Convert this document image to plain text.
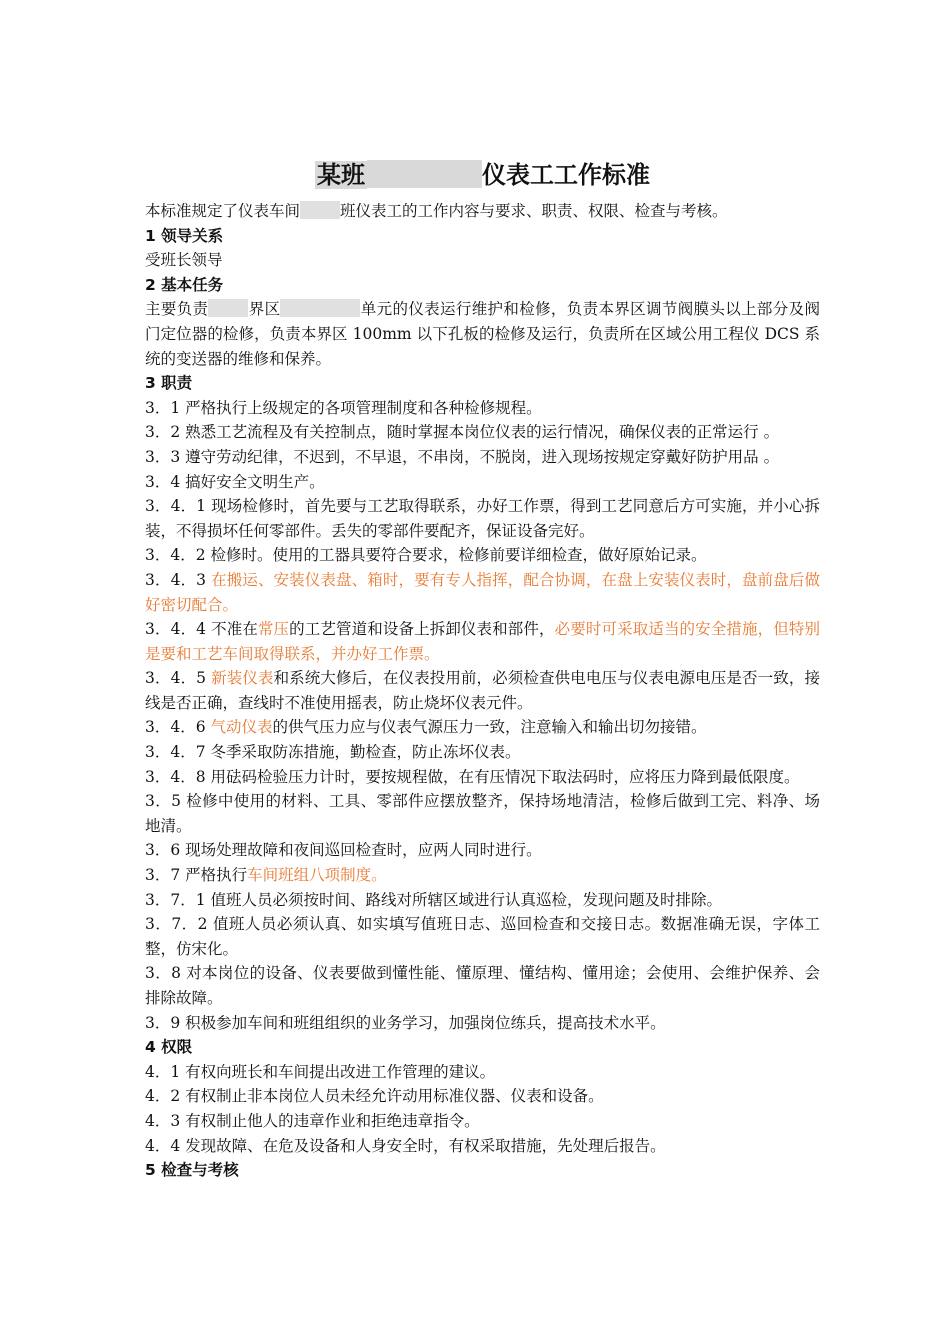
某班	仪表工工作标准

本标准规定了仪表车间	班仪表工的工作内容与要求、职责、权限、检查与考核。

1 领导关系

受班长领导

2 基本任务

主要负责	界区	单元的仪表运行维护和检修，负责本界区调节阀膜头以上部分及阀门定位器的检修，负责本界区 100mm 以下孔板的检修及运行，负责所在区域公用工程仪 DCS 系统的变送器的维修和保养。

3 职责

3．1 严格执行上级规定的各项管理制度和各种检修规程。

3．2 熟悉工艺流程及有关控制点，随时掌握本岗位仪表的运行情况，确保仪表的正常运行 。

3．3 遵守劳动纪律，不迟到，不早退，不串岗，不脱岗，进入现场按规定穿戴好防护用品 。

3．4 搞好安全文明生产。

3．4．1 现场检修时，首先要与工艺取得联系，办好工作票，得到工艺同意后方可实施，并小心拆装，不得损坏任何零部件。丢失的零部件要配齐，保证设备完好。

3．4．2 检修时。使用的工器具要符合要求，检修前要详细检查，做好原始记录。

3．4．3 在搬运、安装仪表盘、箱时，要有专人指挥，配合协调，在盘上安装仪表时，盘前盘后做好密切配合。

3．4．4 不准在常压的工艺管道和设备上拆卸仪表和部件，必要时可采取适当的安全措施，但特别是要和工艺车间取得联系，并办好工作票。

3．4．5 新装仪表和系统大修后，在仪表投用前，必须检查供电电压与仪表电源电压是否一致，接线是否正确，查线时不准使用摇表，防止烧坏仪表元件。

3．4．6 气动仪表的供气压力应与仪表气源压力一致，注意输入和输出切勿接错。

3．4．7 冬季采取防冻措施，勤检查，防止冻坏仪表。

3．4．8 用砝码检验压力计时，要按规程做，在有压情况下取法码时，应将压力降到最低限度。

3．5 检修中使用的材料、工具、零部件应摆放整齐，保持场地清洁，检修后做到工完、料净、场地清。

3．6 现场处理故障和夜间巡回检查时，应两人同时进行。

3．7 严格执行车间班组八项制度。

3．7．1 值班人员必须按时间、路线对所辖区域进行认真巡检，发现问题及时排除。

3．7．2 值班人员必须认真、如实填写值班日志、巡回检查和交接日志。数据准确无误，字体工整，仿宋化。

3．8 对本岗位的设备、仪表要做到懂性能、懂原理、懂结构、懂用途；会使用、会维护保养、会排除故障。

3．9 积极参加车间和班组组织的业务学习，加强岗位练兵，提高技术水平。

4 权限

4．1 有权向班长和车间提出改进工作管理的建议。

4．2 有权制止非本岗位人员未经允许动用标准仪器、仪表和设备。

4．3 有权制止他人的违章作业和拒绝违章指令。

4．4 发现故障、在危及设备和人身安全时，有权采取措施，先处理后报告。

5 检查与考核
